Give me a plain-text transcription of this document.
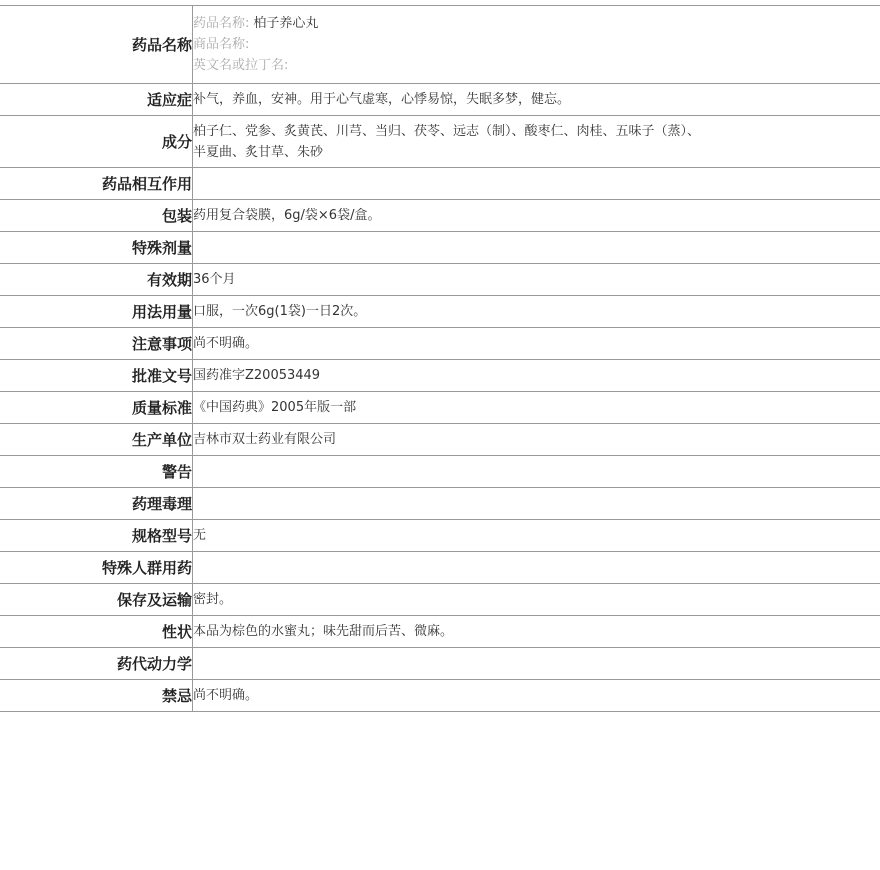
药品名称	药品名称: 柏子养心丸
商品名称:
英文名或拉丁名:

适应症	补气，养血，安神。用于心气虚寒，心悸易惊，失眠多梦，健忘。

成分	柏子仁、党参、炙黄芪、川芎、当归、茯苓、远志（制）、酸枣仁、肉桂、五味子（蒸）、
半夏曲、炙甘草、朱砂

药品相互作用	

包装	药用复合袋膜，6g/袋×6袋/盒。

特殊剂量	

有效期	36个月

用法用量	口服，一次6g(1袋)一日2次。

注意事项	尚不明确。

批准文号	国药准字Z20053449

质量标准	《中国药典》2005年版一部

生产单位	吉林市双士药业有限公司

警告	

药理毒理	

规格型号	无

特殊人群用药	

保存及运输	密封。

性状	本品为棕色的水蜜丸；味先甜而后苦、微麻。

药代动力学	

禁忌	尚不明确。
